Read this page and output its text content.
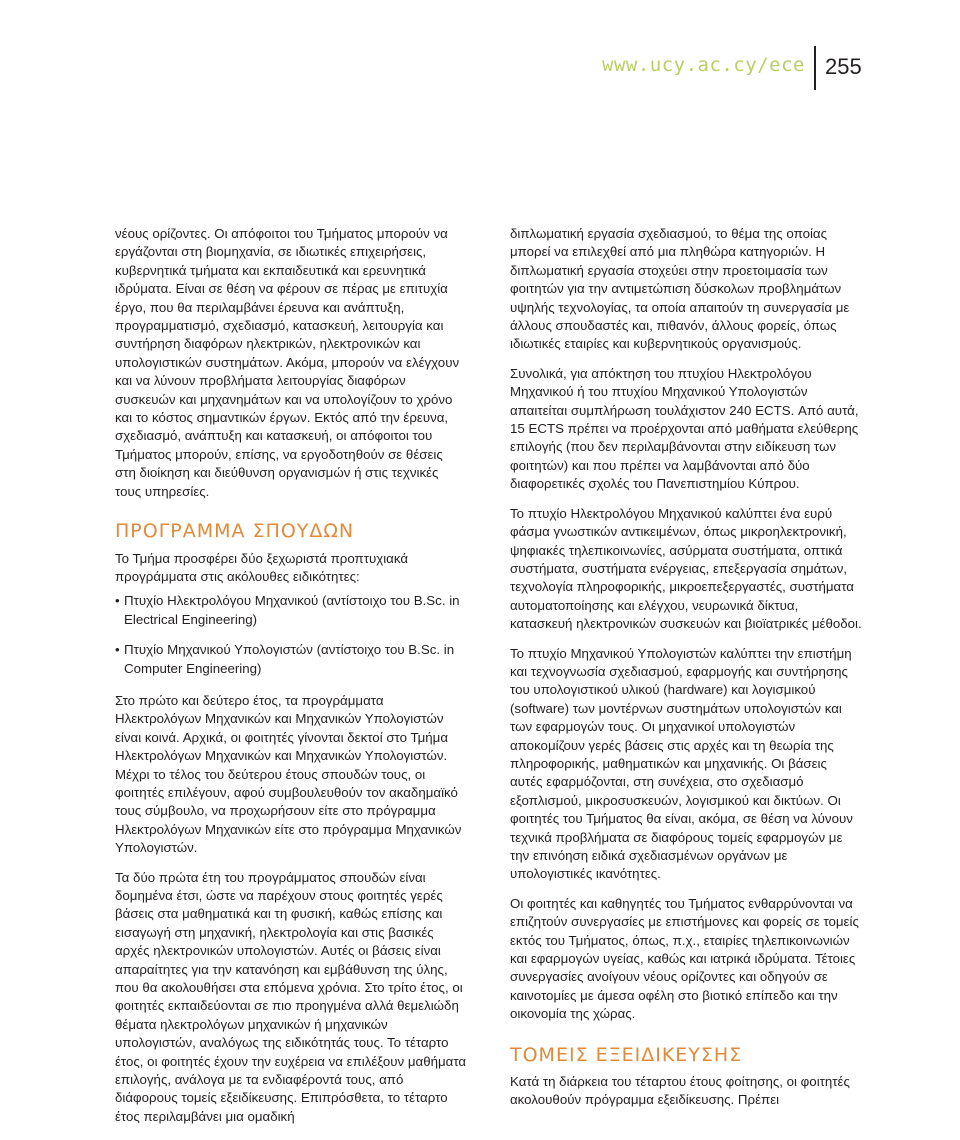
www.ucy.ac.cy/ece 255

νέους ορίζοντες. Οι απόφοιτοι του Τμήματος μπορούν να εργάζονται στη βιομηχανία, σε ιδιωτικές επιχειρήσεις, κυβερνητικά τμήματα και εκπαιδευτικά και ερευνητικά ιδρύματα. Είναι σε θέση να φέρουν σε πέρας με επιτυχία έργο, που θα περιλαμβάνει έρευνα και ανάπτυξη, προγραμματισμό, σχεδιασμό, κατασκευή, λειτουργία και συντήρηση διαφόρων ηλεκτρικών, ηλεκτρονικών και υπολογιστικών συστημάτων. Ακόμα, μπορούν να ελέγχουν και να λύνουν προβλήματα λειτουργίας διαφόρων συσκευών και μηχανημάτων και να υπολογίζουν το χρόνο και το κόστος σημαντικών έργων. Εκτός από την έρευνα, σχεδιασμό, ανάπτυξη και κατασκευή, οι απόφοιτοι του Τμήματος μπορούν, επίσης, να εργοδοτηθούν σε θέσεις στη διοίκηση και διεύθυνση οργανισμών ή στις τεχνικές τους υπηρεσίες.

ΠΡΟΓΡΑΜΜΑ ΣΠΟΥΔΩΝ

Το Τμήμα προσφέρει δύο ξεχωριστά προπτυχιακά προγράμματα στις ακόλουθες ειδικότητες:

• Πτυχίο Ηλεκτρολόγου Μηχανικού (αντίστοιχο του B.Sc. in Electrical Engineering)
• Πτυχίο Μηχανικού Υπολογιστών (αντίστοιχο του B.Sc. in Computer Engineering)

Στο πρώτο και δεύτερο έτος, τα προγράμματα Ηλεκτρολόγων Μηχανικών και Μηχανικών Υπολογιστών είναι κοινά. Αρχικά, οι φοιτητές γίνονται δεκτοί στο Τμήμα Ηλεκτρολόγων Μηχανικών και Μηχανικών Υπολογιστών. Μέχρι το τέλος του δεύτερου έτους σπουδών τους, οι φοιτητές επιλέγουν, αφού συμβουλευθούν τον ακαδημαϊκό τους σύμβουλο, να προχωρήσουν είτε στο πρόγραμμα Ηλεκτρολόγων Μηχανικών είτε στο πρόγραμμα Μηχανικών Υπολογιστών.

Τα δύο πρώτα έτη του προγράμματος σπουδών είναι δομημένα έτσι, ώστε να παρέχουν στους φοιτητές γερές βάσεις στα μαθηματικά και τη φυσική, καθώς επίσης και εισαγωγή στη μηχανική, ηλεκτρολογία και στις βασικές αρχές ηλεκτρονικών υπολογιστών. Αυτές οι βάσεις είναι απαραίτητες για την κατανόηση και εμβάθυνση της ύλης, που θα ακολουθήσει στα επόμενα χρόνια. Στο τρίτο έτος, οι φοιτητές εκπαιδεύονται σε πιο προηγμένα αλλά θεμελιώδη θέματα ηλεκτρολόγων μηχανικών ή μηχανικών υπολογιστών, αναλόγως της ειδικότητάς τους. Το τέταρτο έτος, οι φοιτητές έχουν την ευχέρεια να επιλέξουν μαθήματα επιλογής, ανάλογα με τα ενδιαφέροντά τους, από διάφορους τομείς εξειδίκευσης. Επιπρόσθετα, το τέταρτο έτος περιλαμβάνει μια ομαδική

διπλωματική εργασία σχεδιασμού, το θέμα της οποίας μπορεί να επιλεχθεί από μια πληθώρα κατηγοριών. Η διπλωματική εργασία στοχεύει στην προετοιμασία των φοιτητών για την αντιμετώπιση δύσκολων προβλημάτων υψηλής τεχνολογίας, τα οποία απαιτούν τη συνεργασία με άλλους σπουδαστές και, πιθανόν, άλλους φορείς, όπως ιδιωτικές εταιρίες και κυβερνητικούς οργανισμούς.

Συνολικά, για απόκτηση του πτυχίου Ηλεκτρολόγου Μηχανικού ή του πτυχίου Μηχανικού Υπολογιστών απαιτείται συμπλήρωση τουλάχιστον 240 ECTS. Από αυτά, 15 ECTS πρέπει να προέρχονται από μαθήματα ελεύθερης επιλογής (που δεν περιλαμβάνονται στην ειδίκευση των φοιτητών) και που πρέπει να λαμβάνονται από δύο διαφορετικές σχολές του Πανεπιστημίου Κύπρου.

Το πτυχίο Ηλεκτρολόγου Μηχανικού καλύπτει ένα ευρύ φάσμα γνωστικών αντικειμένων, όπως μικροηλεκτρονική, ψηφιακές τηλεπικοινωνίες, ασύρματα συστήματα, οπτικά συστήματα, συστήματα ενέργειας, επεξεργασία σημάτων, τεχνολογία πληροφορικής, μικροεπεξεργαστές, συστήματα αυτοματοποίησης και ελέγχου, νευρωνικά δίκτυα, κατασκευή ηλεκτρονικών συσκευών και βιοϊατρικές μέθοδοι.

Το πτυχίο Μηχανικού Υπολογιστών καλύπτει την επιστήμη και τεχνογνωσία σχεδιασμού, εφαρμογής και συντήρησης του υπολογιστικού υλικού (hardware) και λογισμικού (software) των μοντέρνων συστημάτων υπολογιστών και των εφαρμογών τους. Οι μηχανικοί υπολογιστών αποκομίζουν γερές βάσεις στις αρχές και τη θεωρία της πληροφορικής, μαθηματικών και μηχανικής. Οι βάσεις αυτές εφαρμόζονται, στη συνέχεια, στο σχεδιασμό εξοπλισμού, μικροσυσκευών, λογισμικού και δικτύων. Οι φοιτητές του Τμήματος θα είναι, ακόμα, σε θέση να λύνουν τεχνικά προβλήματα σε διαφόρους τομείς εφαρμογών με την επινόηση ειδικά σχεδιασμένων οργάνων με υπολογιστικές ικανότητες.

Οι φοιτητές και καθηγητές του Τμήματος ενθαρρύνονται να επιζητούν συνεργασίες με επιστήμονες και φορείς σε τομείς εκτός του Τμήματος, όπως, π.χ., εταιρίες τηλεπικοινωνιών και εφαρμογών υγείας, καθώς και ιατρικά ιδρύματα. Τέτοιες συνεργασίες ανοίγουν νέους ορίζοντες και οδηγούν σε καινοτομίες με άμεσα οφέλη στο βιοτικό επίπεδο και την οικονομία της χώρας.

ΤΟΜΕΙΣ ΕΞΕΙΔΙΚΕΥΣΗΣ

Κατά τη διάρκεια του τέταρτου έτους φοίτησης, οι φοιτητές ακολουθούν πρόγραμμα εξειδίκευσης. Πρέπει
